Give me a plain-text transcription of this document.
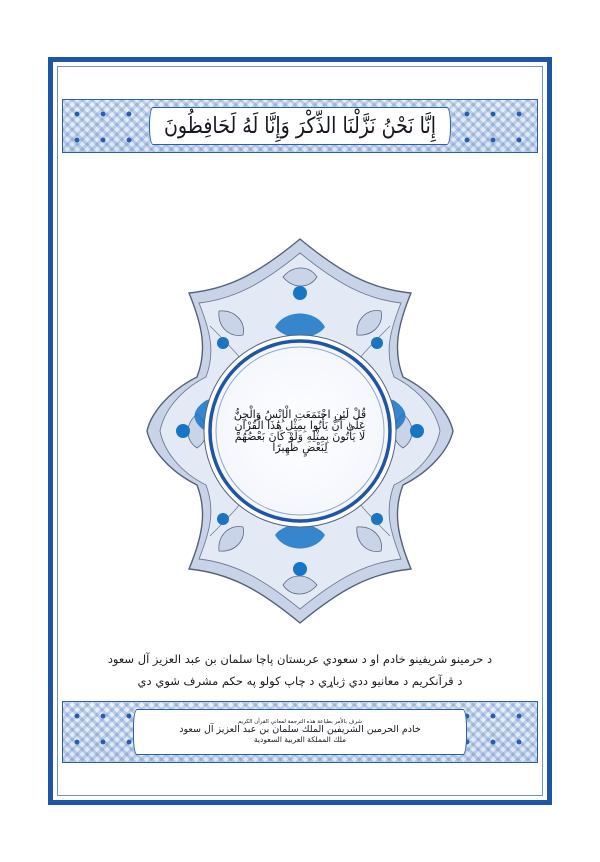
إِنَّا نَحْنُ نَزَّلْنَا الذِّكْرَ وَإِنَّا لَهُ لَحَافِظُونَ
قُلْ لَئِنِ اجْتَمَعَتِ الْإِنْسُ وَالْجِنُّ عَلَىٰ أَنْ يَأْتُوا بِمِثْلِ هَٰذَا الْقُرْآنِ لَا يَأْتُونَ بِمِثْلِهِ وَلَوْ كَانَ بَعْضُهُمْ لِبَعْضٍ ظَهِيرًا
د حرمينو شريفينو خادم او د سعودي عربستان پاچا سلمان بن عبد العزيز آل سعود
د قرآنکريم د معانيو ددي ژباړي د چاپ کولو په حکم مشرف شوي دي
شرف بالأمر بطباعة هذه الترجمة لمعاني القرآن الكريم
خادم الحرمين الشريفين الملك سلمان بن عبد العزيز آل سعود
ملك المملكة العربية السعودية
